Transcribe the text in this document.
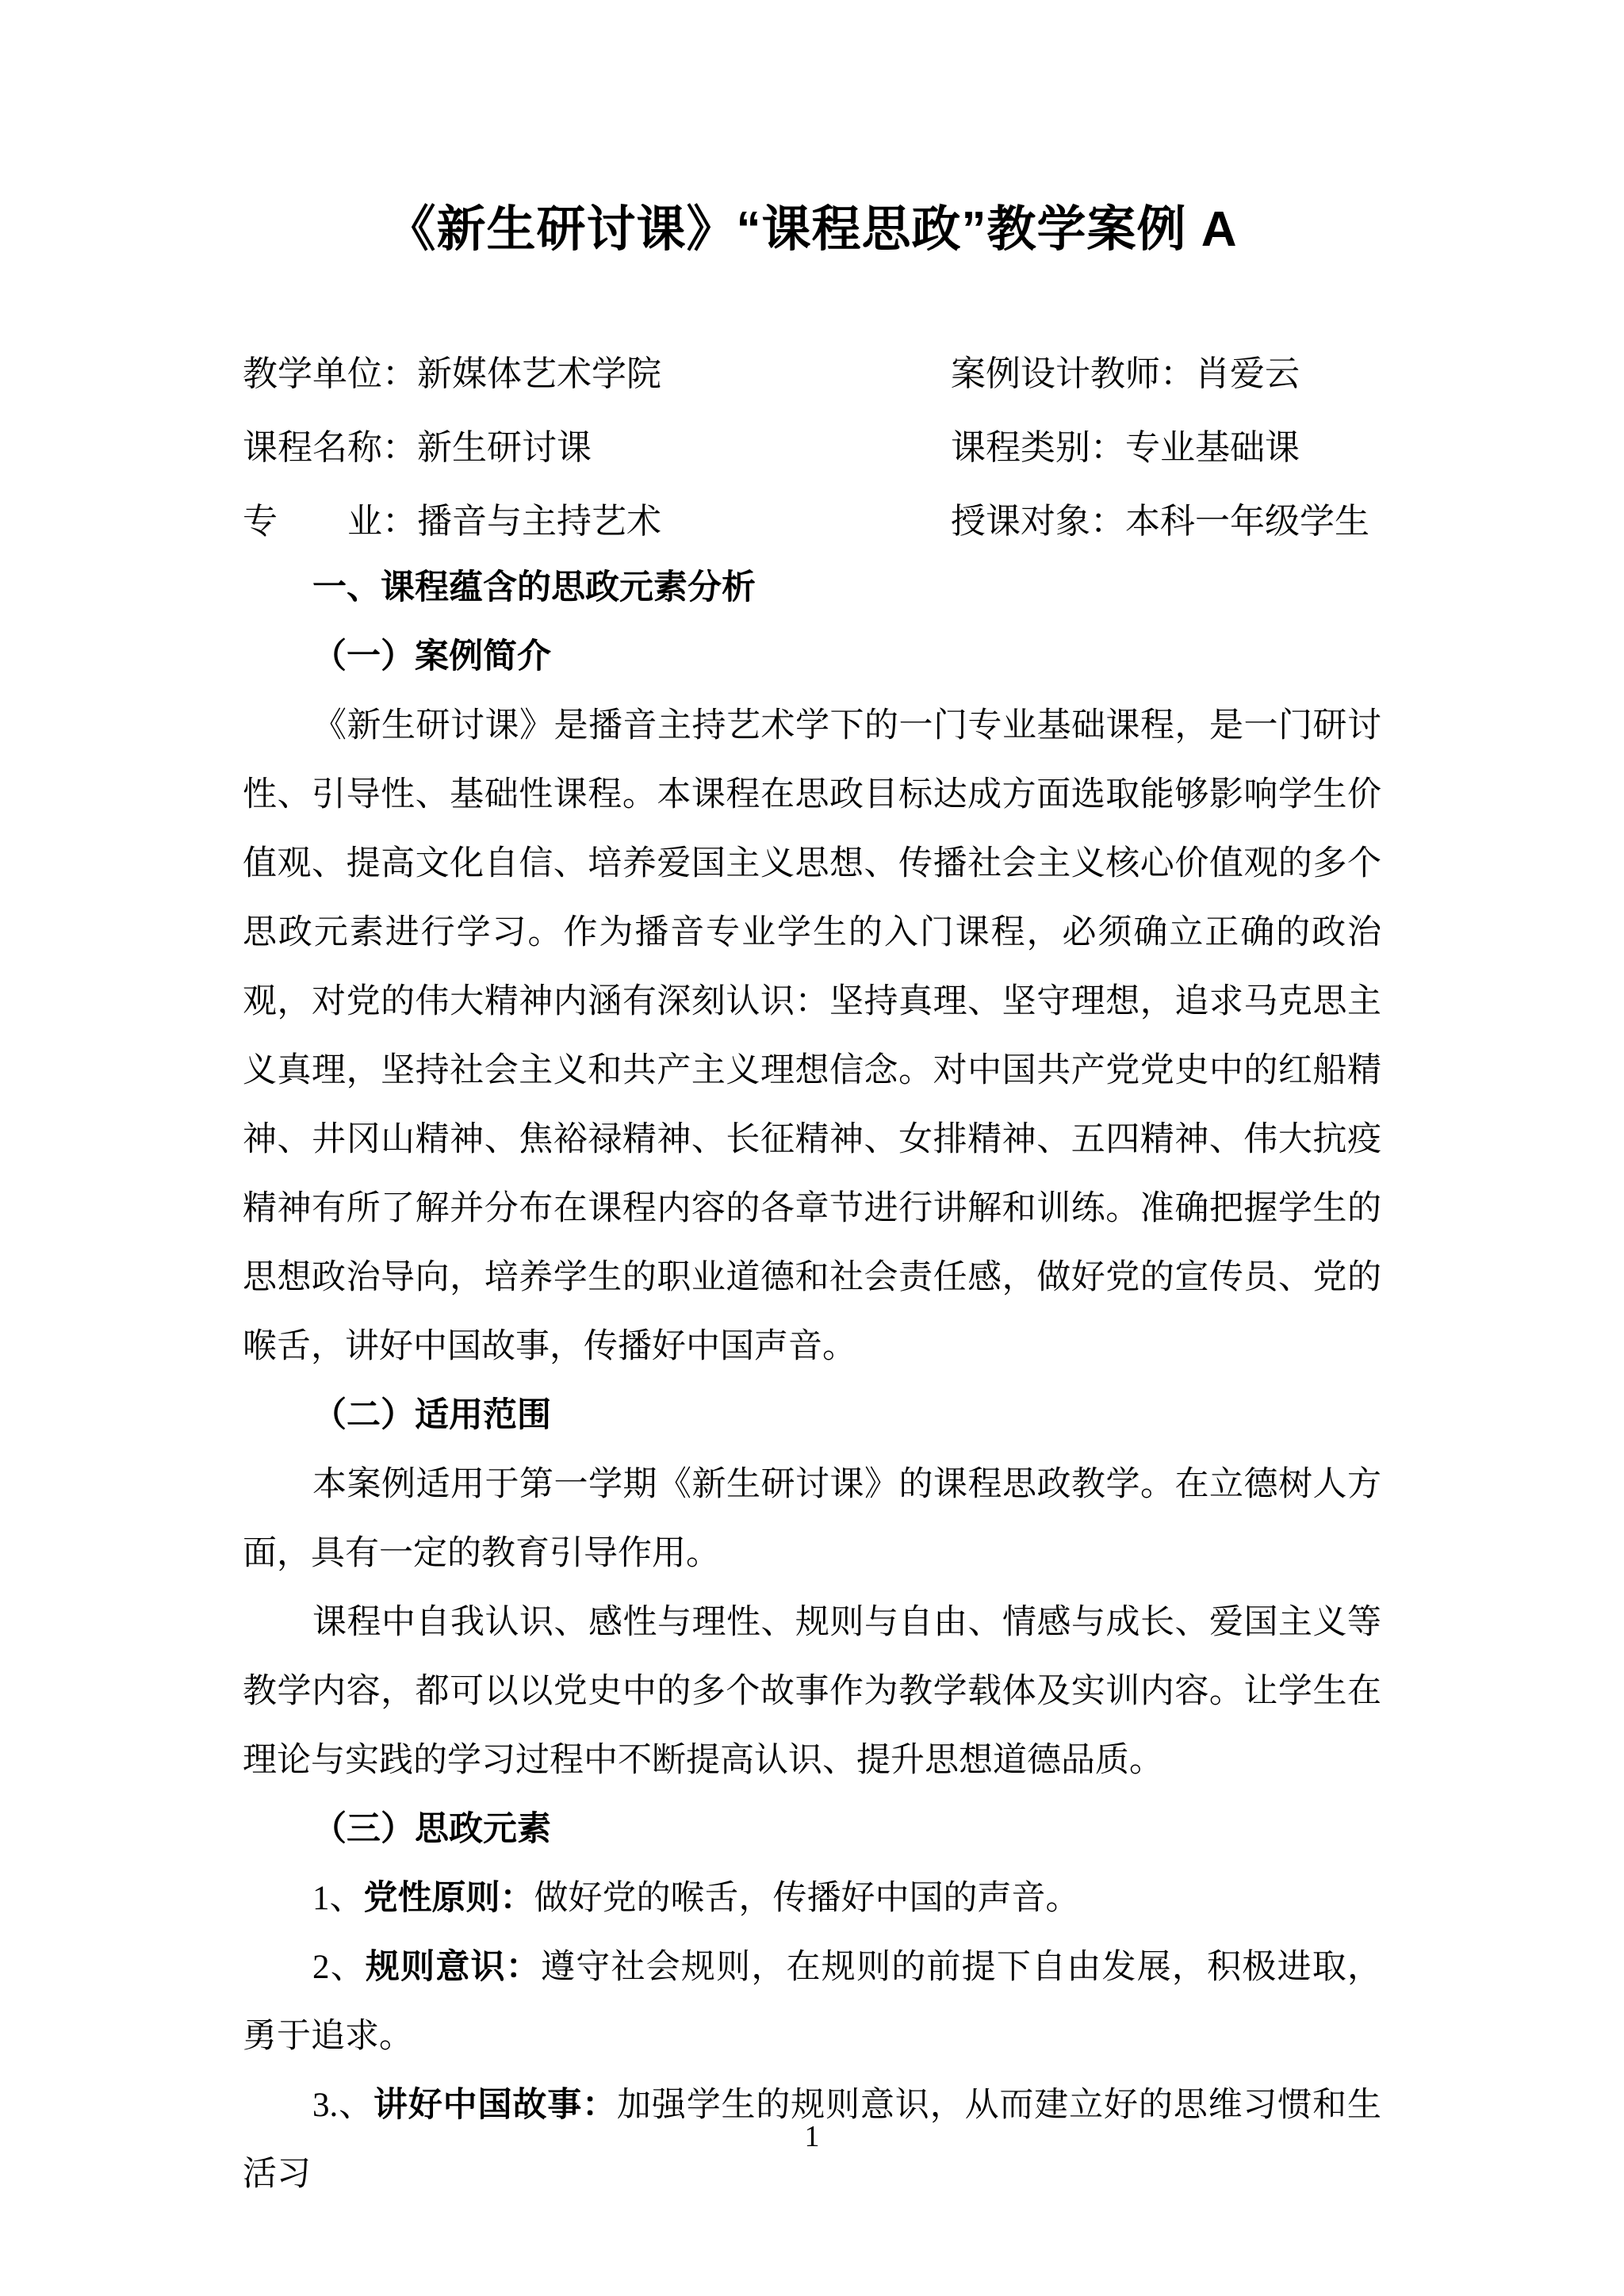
《新生研讨课》“课程思政”教学案例 A
教学单位：新媒体艺术学院	案例设计教师：肖爱云
课程名称：新生研讨课	课程类别：专业基础课
专　　业：播音与主持艺术	授课对象：本科一年级学生

一、课程蕴含的思政元素分析

（一）案例简介

《新生研讨课》是播音主持艺术学下的一门专业基础课程，是一门研讨性、引导性、基础性课程。本课程在思政目标达成方面选取能够影响学生价值观、提高文化自信、培养爱国主义思想、传播社会主义核心价值观的多个思政元素进行学习。作为播音专业学生的入门课程，必须确立正确的政治观，对党的伟大精神内涵有深刻认识：坚持真理、坚守理想，追求马克思主义真理，坚持社会主义和共产主义理想信念。对中国共产党党史中的红船精神、井冈山精神、焦裕禄精神、长征精神、女排精神、五四精神、伟大抗疫精神有所了解并分布在课程内容的各章节进行讲解和训练。准确把握学生的思想政治导向，培养学生的职业道德和社会责任感，做好党的宣传员、党的喉舌，讲好中国故事，传播好中国声音。

（二）适用范围

本案例适用于第一学期《新生研讨课》的课程思政教学。在立德树人方面，具有一定的教育引导作用。

课程中自我认识、感性与理性、规则与自由、情感与成长、爱国主义等教学内容，都可以以党史中的多个故事作为教学载体及实训内容。让学生在理论与实践的学习过程中不断提高认识、提升思想道德品质。

（三）思政元素

1、党性原则：做好党的喉舌，传播好中国的声音。

2、规则意识：遵守社会规则，在规则的前提下自由发展，积极进取，勇于追求。

3.、讲好中国故事：加强学生的规则意识，从而建立好的思维习惯和生活习

1
